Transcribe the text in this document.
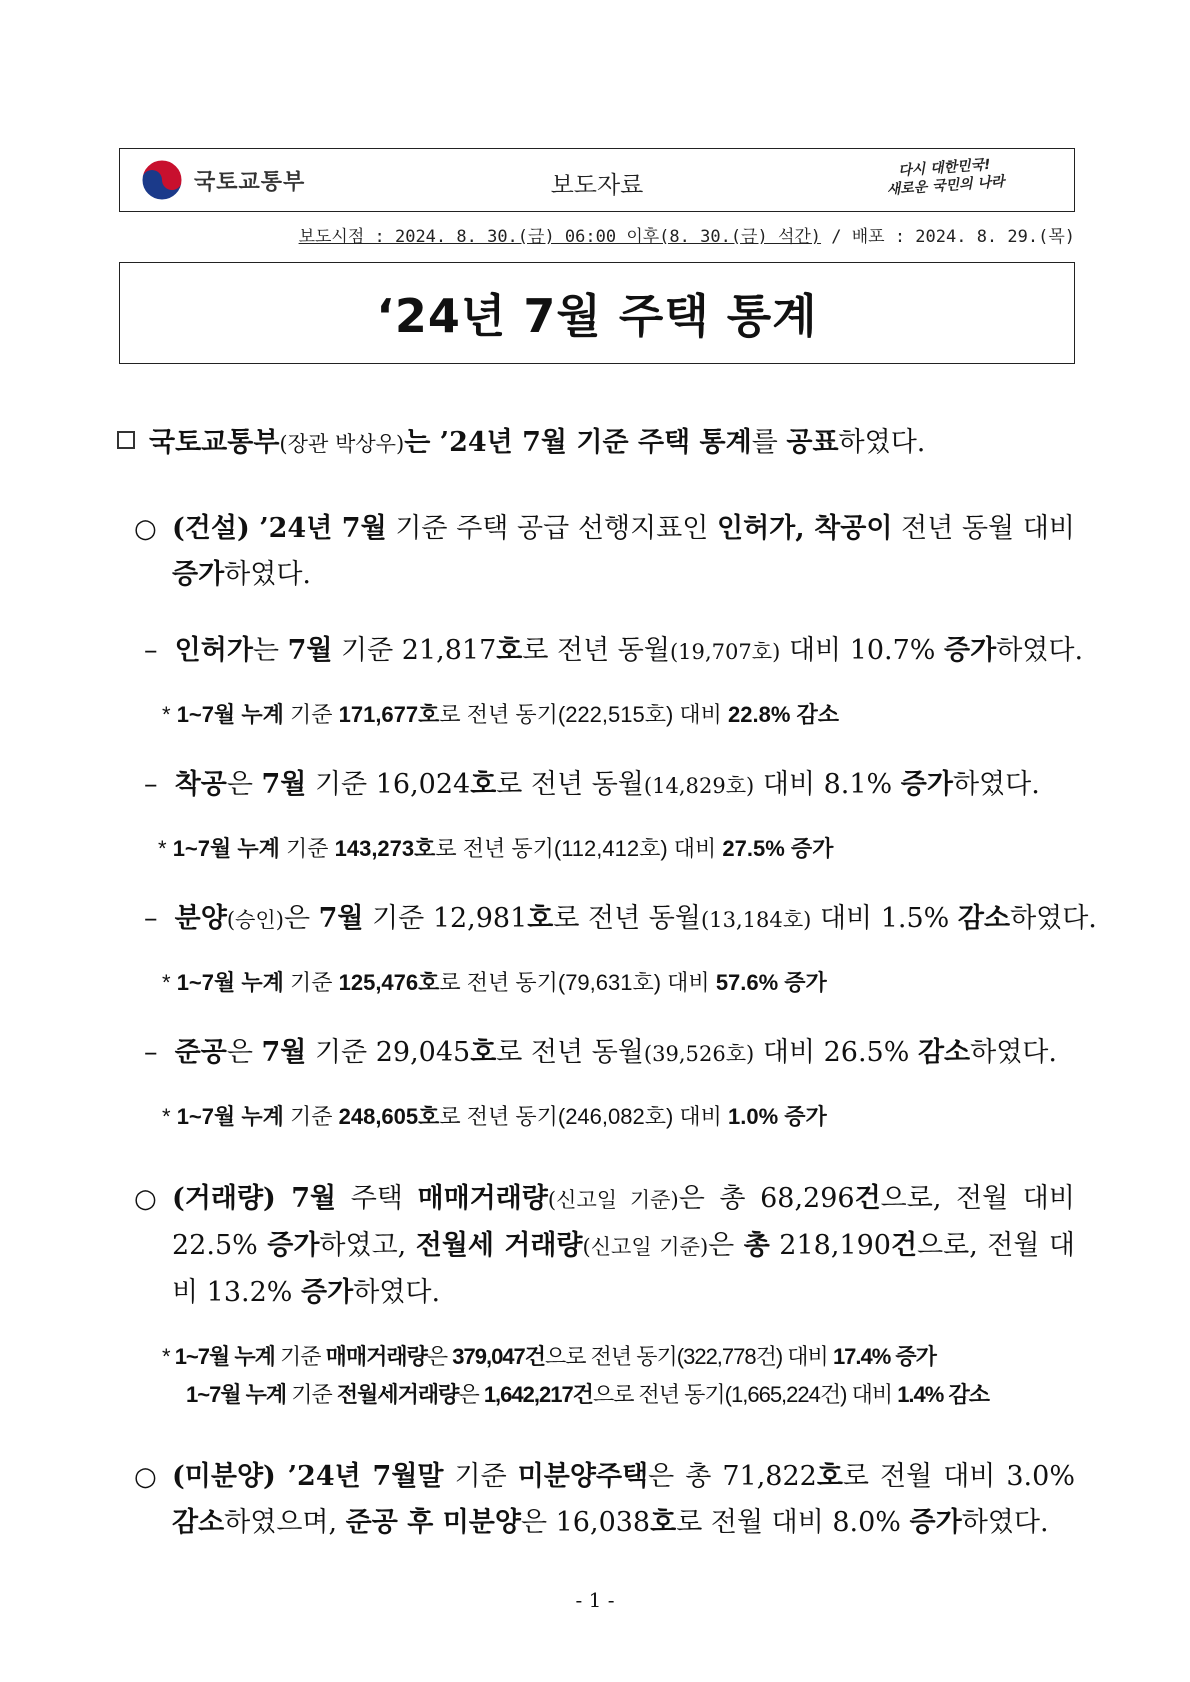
국토교통부	보도자료
다시 대한민국!
새로운 국민의 나라
보도시점 : 2024. 8. 30.(금) 06:00 이후(8. 30.(금) 석간) / 배포 : 2024. 8. 29.(목)
‘24년 7월 주택 통계
국토교통부(장관 박상우)는 ’24년 7월 기준 주택 통계를 공표하였다.
○ (건설) ’24년 7월 기준 주택 공급 선행지표인 인허가, 착공이 전년 동월 대비 증가하였다.
–  인허가는 7월 기준 21,817호로 전년 동월(19,707호) 대비 10.7% 증가하였다.
* 1~7월 누계 기준 171,677호로 전년 동기(222,515호) 대비 22.8% 감소
–  착공은 7월 기준 16,024호로 전년 동월(14,829호) 대비 8.1% 증가하였다.
* 1~7월 누계 기준 143,273호로 전년 동기(112,412호) 대비 27.5% 증가
–  분양(승인)은 7월 기준 12,981호로 전년 동월(13,184호) 대비 1.5% 감소하였다.
* 1~7월 누계 기준 125,476호로 전년 동기(79,631호) 대비 57.6% 증가
–  준공은 7월 기준 29,045호로 전년 동월(39,526호) 대비 26.5% 감소하였다.
* 1~7월 누계 기준 248,605호로 전년 동기(246,082호) 대비 1.0% 증가
○ (거래량) 7월 주택 매매거래량(신고일 기준)은 총 68,296건으로, 전월 대비 22.5% 증가하였고, 전월세 거래량(신고일 기준)은 총 218,190건으로, 전월 대비 13.2% 증가하였다.
* 1~7월 누계 기준 매매거래량은 379,047건으로 전년 동기(322,778건) 대비 17.4% 증가
1~7월 누계 기준 전월세거래량은 1,642,217건으로 전년 동기(1,665,224건) 대비 1.4% 감소
○ (미분양) ’24년 7월말 기준 미분양주택은 총 71,822호로 전월 대비 3.0% 감소하였으며, 준공 후 미분양은 16,038호로 전월 대비 8.0% 증가하였다.
- 1 -
